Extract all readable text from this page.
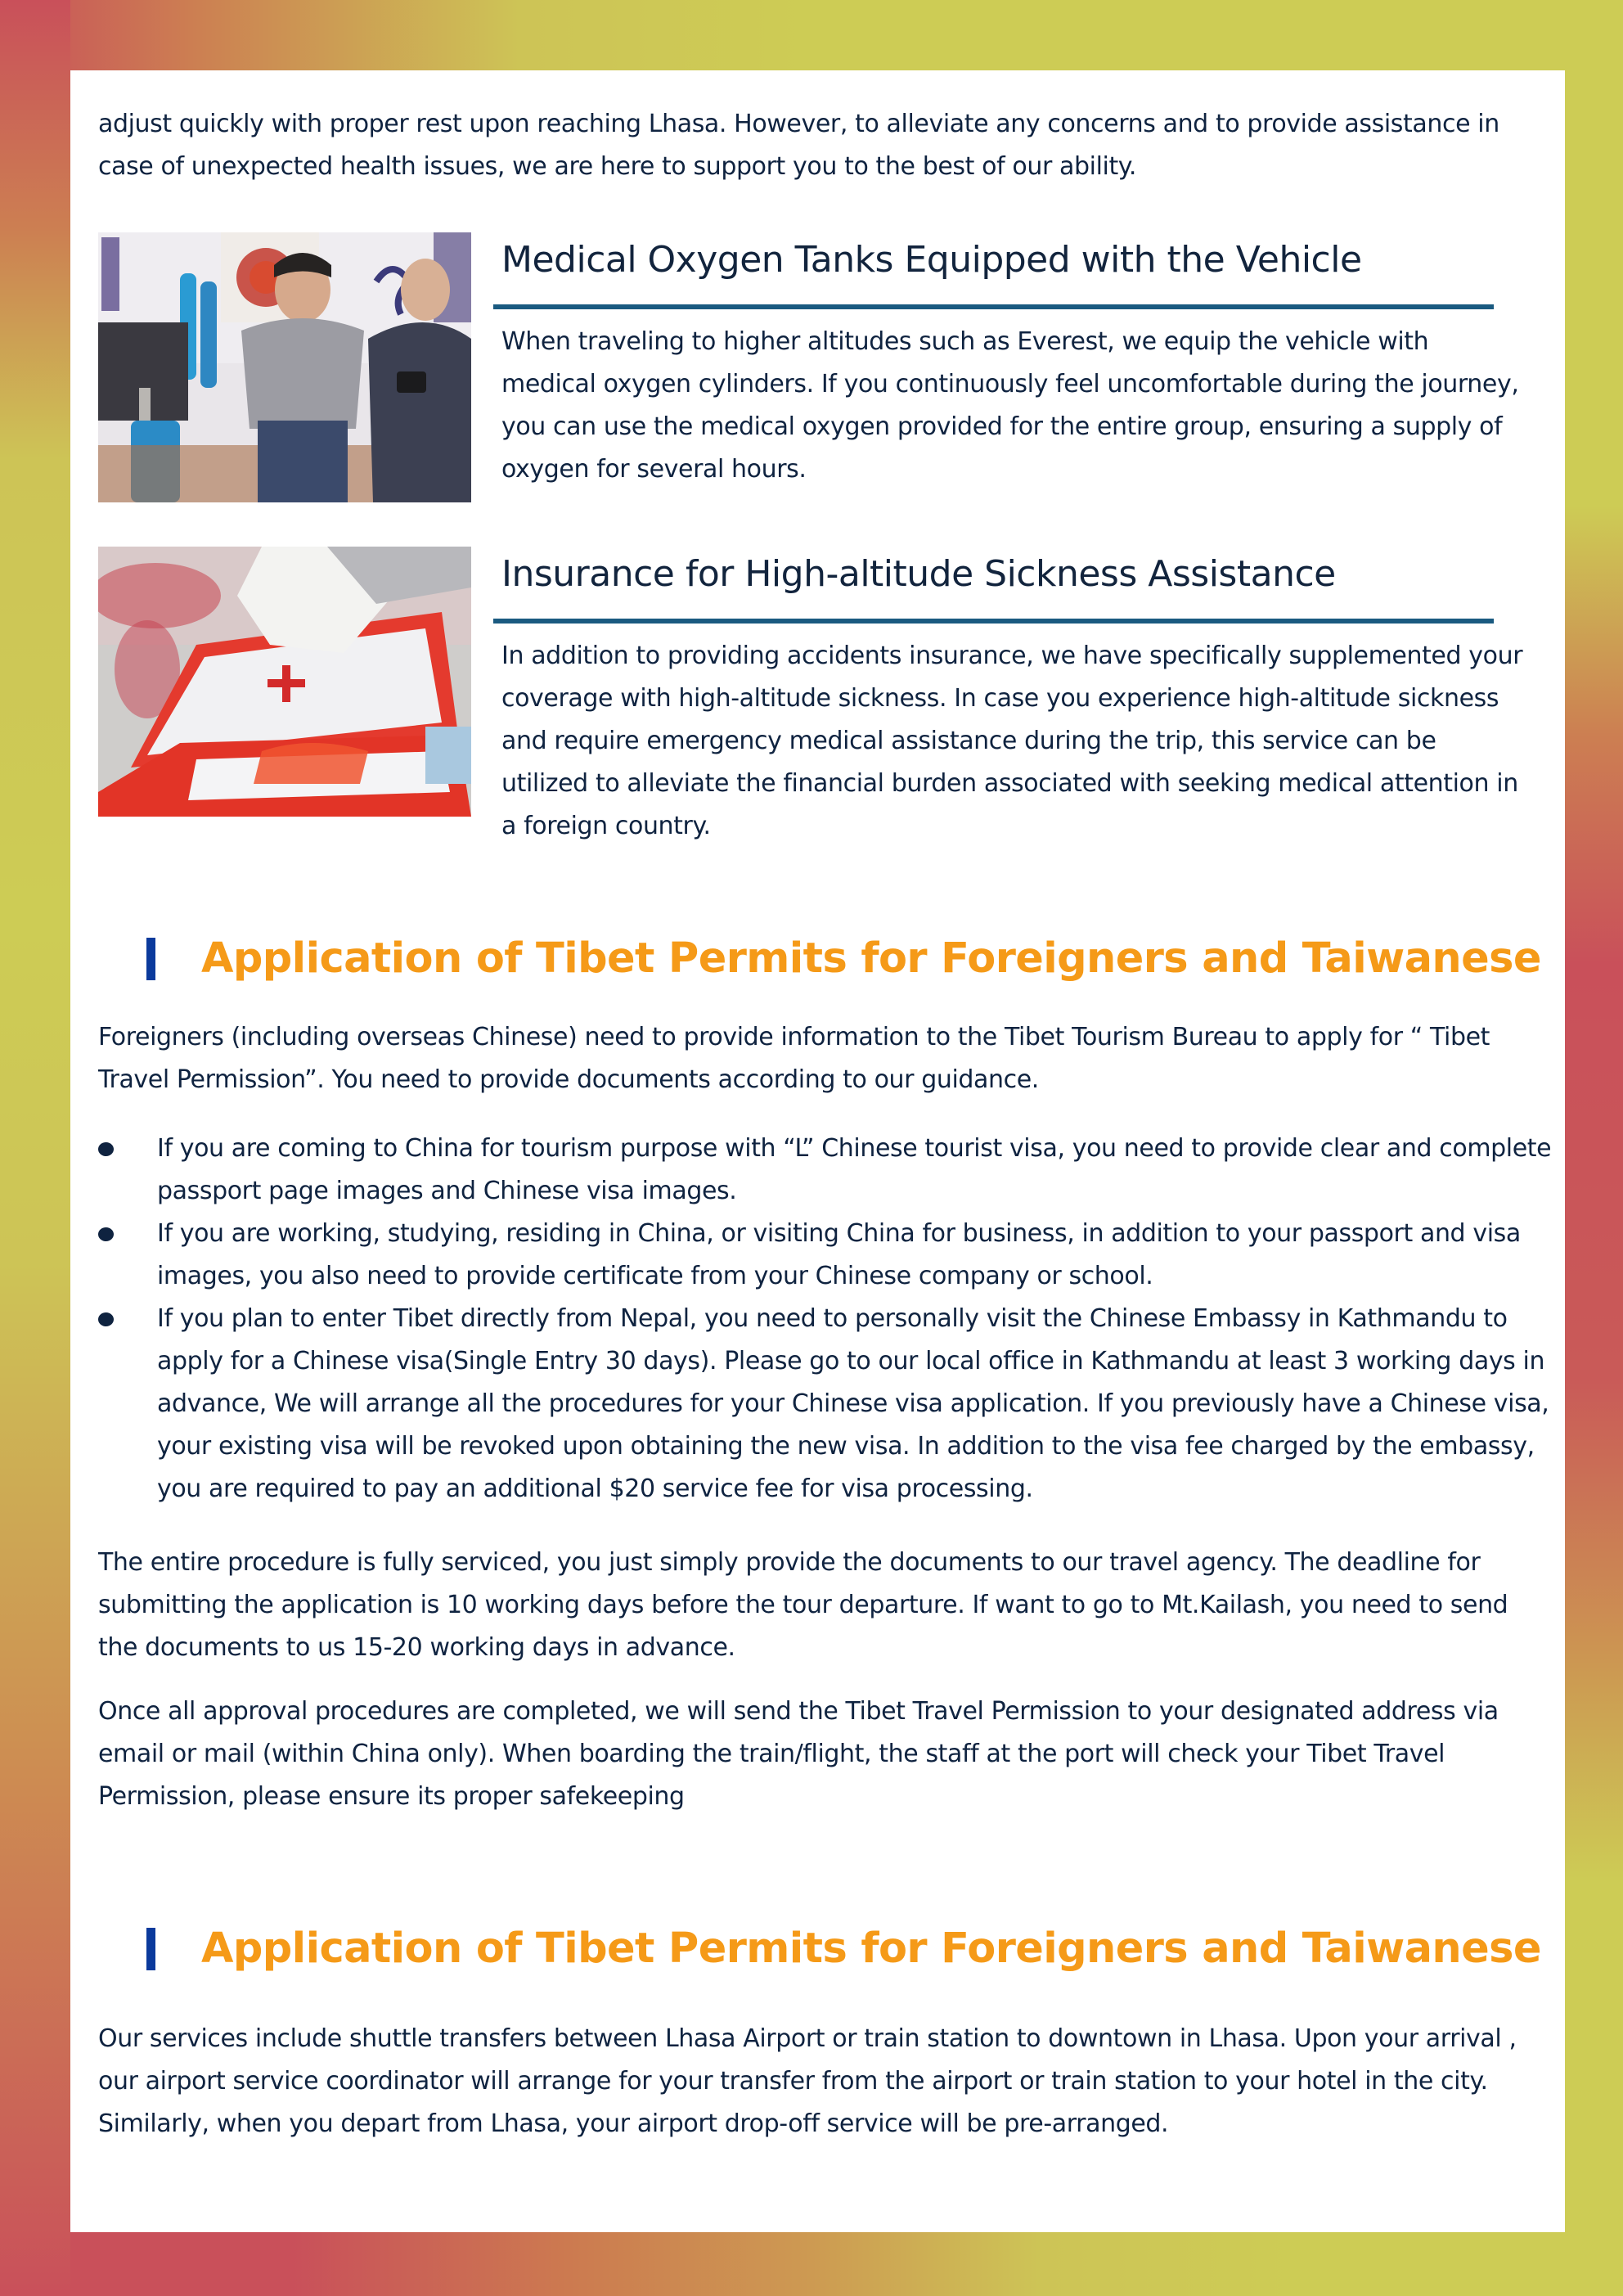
adjust quickly with proper rest upon reaching Lhasa. However, to alleviate any concerns and to provide assistance in case of unexpected health issues, we are here to support you to the best of our ability.

Medical Oxygen Tanks Equipped with the Vehicle

When traveling to higher altitudes such as Everest, we equip the vehicle with medical oxygen cylinders. If you continuously feel uncomfortable during the journey, you can use the medical oxygen provided for the entire group, ensuring a supply of oxygen for several hours.

Insurance for High-altitude Sickness Assistance

In addition to providing accidents insurance, we have specifically supplemented your coverage with high-altitude sickness. In case you experience high-altitude sickness and require emergency medical assistance during the trip, this service can be utilized to alleviate the financial burden associated with seeking medical attention in a foreign country.

Application of Tibet Permits for Foreigners and Taiwanese

Foreigners (including overseas Chinese) need to provide information to the Tibet Tourism Bureau to apply for “ Tibet Travel Permission”. You need to provide documents according to our guidance.

If you are coming to China for tourism purpose with “L” Chinese tourist visa, you need to provide clear and complete passport page images and Chinese visa images.
If you are working, studying, residing in China, or visiting China for business, in addition to your passport and visa images, you also need to provide certificate from your Chinese company or school.
If you plan to enter Tibet directly from Nepal, you need to personally visit the Chinese Embassy in Kathmandu to apply for a Chinese visa(Single Entry 30 days). Please go to our local office in Kathmandu at least 3 working days in advance, We will arrange all the procedures for your Chinese visa application. If you previously have a Chinese visa, your existing visa will be revoked upon obtaining the new visa. In addition to the visa fee charged by the embassy, you are required to pay an additional $20 service fee for visa processing.

The entire procedure is fully serviced, you just simply provide the documents to our travel agency. The deadline for submitting the application is 10 working days before the tour departure. If want to go to Mt.Kailash, you need to send the documents to us 15-20 working days in advance.

Once all approval procedures are completed, we will send the Tibet Travel Permission to your designated address via email or mail (within China only). When boarding the train/flight, the staff at the port will check your Tibet Travel Permission, please ensure its proper safekeeping

Application of Tibet Permits for Foreigners and Taiwanese

Our services include shuttle transfers between Lhasa Airport or train station to downtown in Lhasa. Upon your arrival , our airport service coordinator will arrange for your transfer from the airport or train station to your hotel in the city. Similarly, when you depart from Lhasa, your airport drop-off service will be pre-arranged.
